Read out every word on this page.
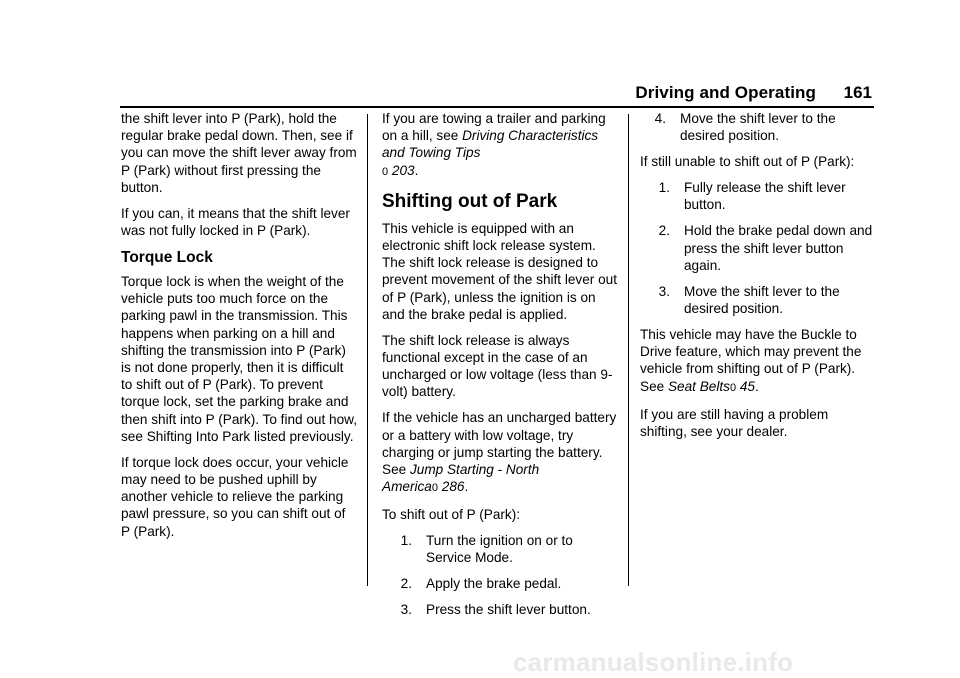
Driving and Operating 161

the shift lever into P (Park), hold the regular brake pedal down. Then, see if you can move the shift lever away from P (Park) without first pressing the button.

If you can, it means that the shift lever was not fully locked in P (Park).

Torque Lock

Torque lock is when the weight of the vehicle puts too much force on the parking pawl in the transmission. This happens when parking on a hill and shifting the transmission into P (Park) is not done properly, then it is difficult to shift out of P (Park). To prevent torque lock, set the parking brake and then shift into P (Park). To find out how, see Shifting Into Park listed previously.

If torque lock does occur, your vehicle may need to be pushed uphill by another vehicle to relieve the parking pawl pressure, so you can shift out of P (Park).

If you are towing a trailer and parking on a hill, see Driving Characteristics and Towing Tips
0 203.

Shifting out of Park

This vehicle is equipped with an electronic shift lock release system. The shift lock release is designed to prevent movement of the shift lever out of P (Park), unless the ignition is on and the brake pedal is applied.

The shift lock release is always functional except in the case of an uncharged or low voltage (less than 9-volt) battery.

If the vehicle has an uncharged battery or a battery with low voltage, try charging or jump starting the battery. See Jump Starting - North America0 286.

To shift out of P (Park):

1.	Turn the ignition on or to Service Mode.
2.	Apply the brake pedal.
3.	Press the shift lever button.
4.	Move the shift lever to the desired position.

If still unable to shift out of P (Park):

1.	Fully release the shift lever button.
2.	Hold the brake pedal down and press the shift lever button again.
3.	Move the shift lever to the desired position.

This vehicle may have the Buckle to Drive feature, which may prevent the vehicle from shifting out of P (Park). See Seat Belts0 45.

If you are still having a problem shifting, see your dealer.

carmanualsonline.info
